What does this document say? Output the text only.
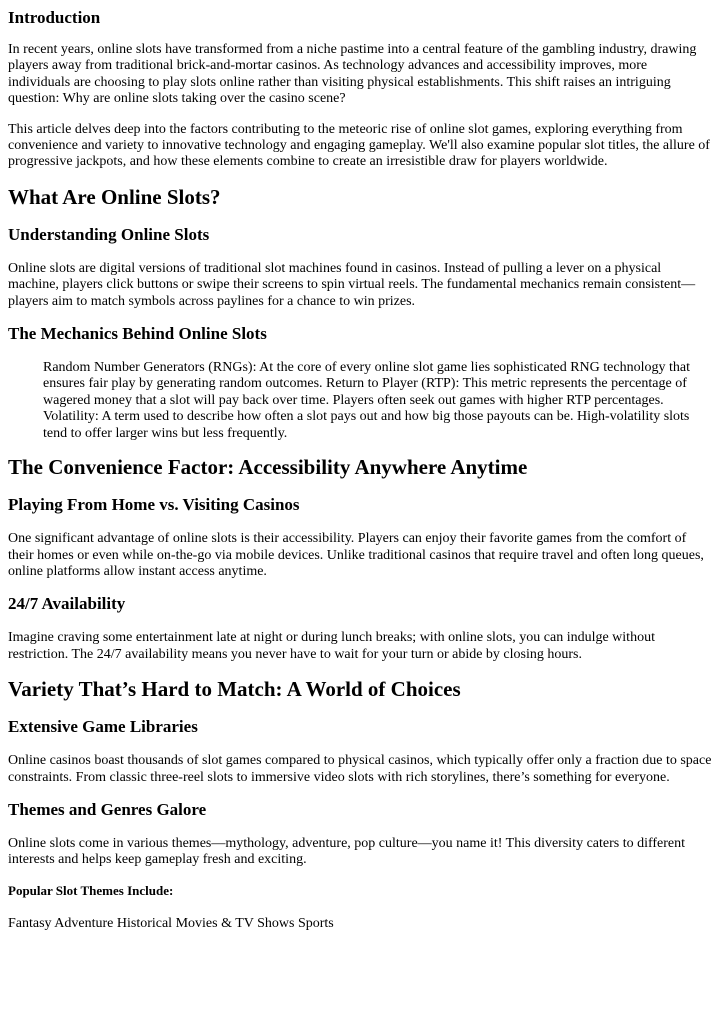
Introduction

In recent years, online slots have transformed from a niche pastime into a central feature of the gambling industry, drawing players away from traditional brick-and-mortar casinos. As technology advances and accessibility improves, more individuals are choosing to play slots online rather than visiting physical establishments. This shift raises an intriguing question: Why are online slots taking over the casino scene?

This article delves deep into the factors contributing to the meteoric rise of online slot games, exploring everything from convenience and variety to innovative technology and engaging gameplay. We'll also examine popular slot titles, the allure of progressive jackpots, and how these elements combine to create an irresistible draw for players worldwide.

What Are Online Slots?
Understanding Online Slots

Online slots are digital versions of traditional slot machines found in casinos. Instead of pulling a lever on a physical machine, players click buttons or swipe their screens to spin virtual reels. The fundamental mechanics remain consistent—players aim to match symbols across paylines for a chance to win prizes.

The Mechanics Behind Online Slots
Random Number Generators (RNGs): At the core of every online slot game lies sophisticated RNG technology that ensures fair play by generating random outcomes. Return to Player (RTP): This metric represents the percentage of wagered money that a slot will pay back over time. Players often seek out games with higher RTP percentages. Volatility: A term used to describe how often a slot pays out and how big those payouts can be. High-volatility slots tend to offer larger wins but less frequently.
The Convenience Factor: Accessibility Anywhere Anytime
Playing From Home vs. Visiting Casinos

One significant advantage of online slots is their accessibility. Players can enjoy their favorite games from the comfort of their homes or even while on-the-go via mobile devices. Unlike traditional casinos that require travel and often long queues, online platforms allow instant access anytime.

24/7 Availability

Imagine craving some entertainment late at night or during lunch breaks; with online slots, you can indulge without restriction. The 24/7 availability means you never have to wait for your turn or abide by closing hours.

Variety That’s Hard to Match: A World of Choices
Extensive Game Libraries

Online casinos boast thousands of slot games compared to physical casinos, which typically offer only a fraction due to space constraints. From classic three-reel slots to immersive video slots with rich storylines, there’s something for everyone.

Themes and Genres Galore

Online slots come in various themes—mythology, adventure, pop culture—you name it! This diversity caters to different interests and helps keep gameplay fresh and exciting.

Popular Slot Themes Include:

Fantasy Adventure Historical Movies & TV Shows Sports
